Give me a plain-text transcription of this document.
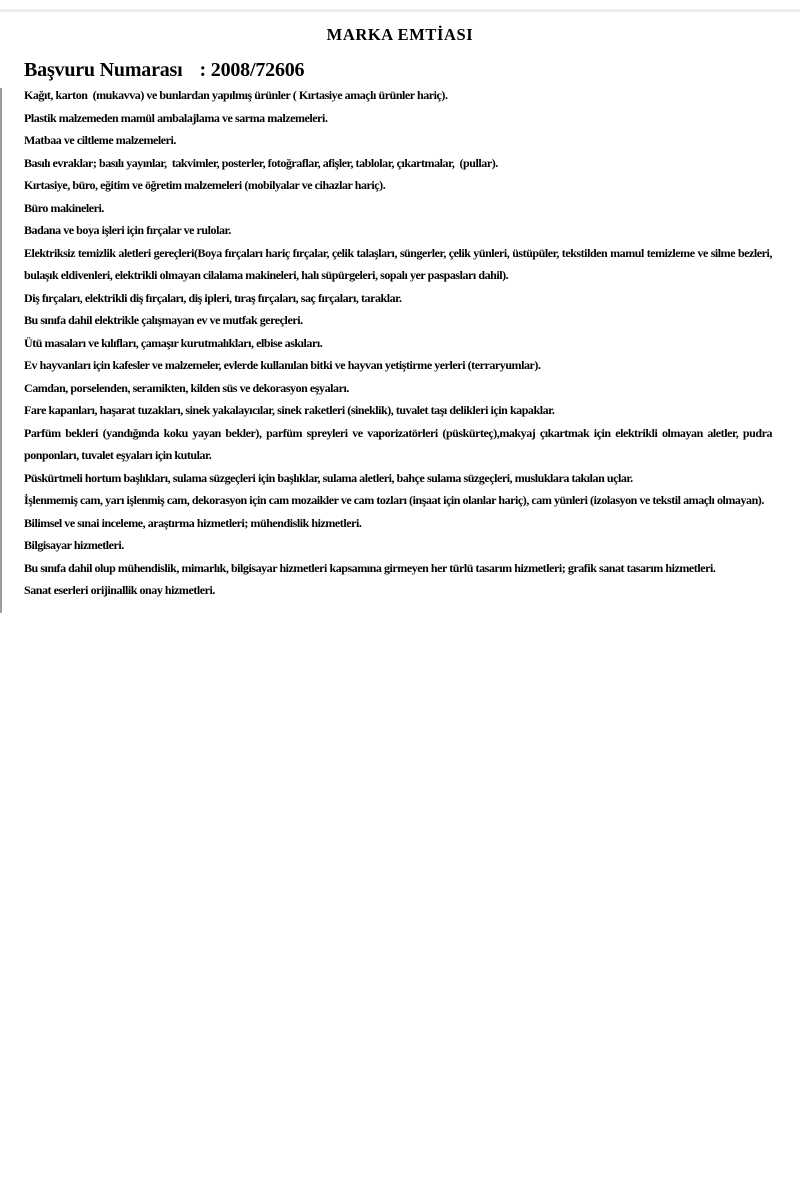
MARKA EMTİASI
Başvuru Numarası : 2008/72606

Kağıt, karton  (mukavva) ve bunlardan yapılmış ürünler ( Kırtasiye amaçlı ürünler hariç).

Plastik malzemeden mamül ambalajlama ve sarma malzemeleri.

Matbaa ve ciltleme malzemeleri.

Basılı evraklar; basılı yayınlar,  takvimler, posterler, fotoğraflar, afişler, tablolar, çıkartmalar,  (pullar).

Kırtasiye, büro, eğitim ve öğretim malzemeleri (mobilyalar ve cihazlar hariç).

Büro makineleri.

Badana ve boya işleri için fırçalar ve rulolar.

Elektriksiz temizlik aletleri gereçleri(Boya fırçaları hariç fırçalar, çelik talaşları, süngerler, çelik yünleri, üstüpüler, tekstilden mamul temizleme ve silme bezleri, bulaşık eldivenleri, elektrikli olmayan cilalama makineleri, halı süpürgeleri, sopalı yer paspasları dahil).

Diş fırçaları, elektrikli diş fırçaları, diş ipleri, tıraş fırçaları, saç fırçaları, taraklar.

Bu sınıfa dahil elektrikle çalışmayan ev ve mutfak gereçleri.

Ütü masaları ve kılıfları, çamaşır kurutmalıkları, elbise askıları.

Ev hayvanları için kafesler ve malzemeler, evlerde kullanılan bitki ve hayvan yetiştirme yerleri (terraryumlar).

Camdan, porselenden, seramikten, kilden süs ve dekorasyon eşyaları.

Fare kapanları, haşarat tuzakları, sinek yakalayıcılar, sinek raketleri (sineklik), tuvalet taşı delikleri için kapaklar.

Parfüm bekleri (yandığında koku yayan bekler), parfüm spreyleri ve vaporizatörleri (püskürteç),makyaj çıkartmak için elektrikli olmayan aletler, pudra ponponları, tuvalet eşyaları için kutular.

Püskürtmeli hortum başlıkları, sulama süzgeçleri için başlıklar, sulama aletleri, bahçe sulama süzgeçleri, musluklara takılan uçlar.

İşlenmemiş cam, yarı işlenmiş cam, dekorasyon için cam mozaikler ve cam tozları (inşaat için olanlar hariç), cam yünleri (izolasyon ve tekstil amaçlı olmayan).

Bilimsel ve sınai inceleme, araştırma hizmetleri; mühendislik hizmetleri.

Bilgisayar hizmetleri.

Bu sınıfa dahil olup mühendislik, mimarlık, bilgisayar hizmetleri kapsamına girmeyen her türlü tasarım hizmetleri; grafik sanat tasarım hizmetleri.

Sanat eserleri orijinallik onay hizmetleri.
